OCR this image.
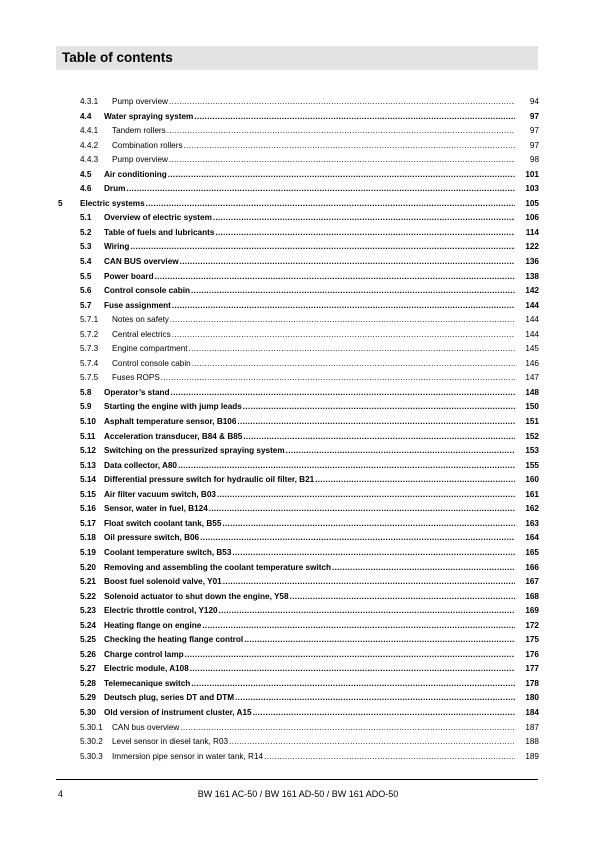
Table of contents
4.3.1 Pump overview .....	94
4.4 Water spraying system .....	97
4.4.1 Tandem rollers .....	97
4.4.2 Combination rollers .....	97
4.4.3 Pump overview .....	98
4.5 Air conditioning .....	101
4.6 Drum .....	103
5 Electric systems .....	105
5.1 Overview of electric system .....	106
5.2 Table of fuels and lubricants .....	114
5.3 Wiring .....	122
5.4 CAN BUS overview .....	136
5.5 Power board .....	138
5.6 Control console cabin .....	142
5.7 Fuse assignment .....	144
5.7.1 Notes on safety .....	144
5.7.2 Central electrics .....	144
5.7.3 Engine compartment .....	145
5.7.4 Control console cabin .....	146
5.7.5 Fuses ROPS .....	147
5.8 Operator’s stand .....	148
5.9 Starting the engine with jump leads .....	150
5.10 Asphalt temperature sensor, B106 .....	151
5.11 Acceleration transducer, B84 & B85 .....	152
5.12 Switching on the pressurized spraying system .....	153
5.13 Data collector, A80 .....	155
5.14 Differential pressure switch for hydraulic oil filter, B21 .....	160
5.15 Air filter vacuum switch, B03 .....	161
5.16 Sensor, water in fuel, B124 .....	162
5.17 Float switch coolant tank, B55 .....	163
5.18 Oil pressure switch, B06 .....	164
5.19 Coolant temperature switch, B53 .....	165
5.20 Removing and assembling the coolant temperature switch .....	166
5.21 Boost fuel solenoid valve, Y01 .....	167
5.22 Solenoid actuator to shut down the engine, Y58 .....	168
5.23 Electric throttle control, Y120 .....	169
5.24 Heating flange on engine .....	172
5.25 Checking the heating flange control .....	175
5.26 Charge control lamp .....	176
5.27 Electric module, A108 .....	177
5.28 Telemecanique switch .....	178
5.29 Deutsch plug, series DT and DTM .....	180
5.30 Old version of instrument cluster, A15 .....	184
5.30.1 CAN bus overview .....	187
5.30.2 Level sensor in diesel tank, R03 .....	188
5.30.3 Immersion pipe sensor in water tank, R14 .....	189
4	BW 161 AC-50 / BW 161 AD-50 / BW 161 ADO-50
